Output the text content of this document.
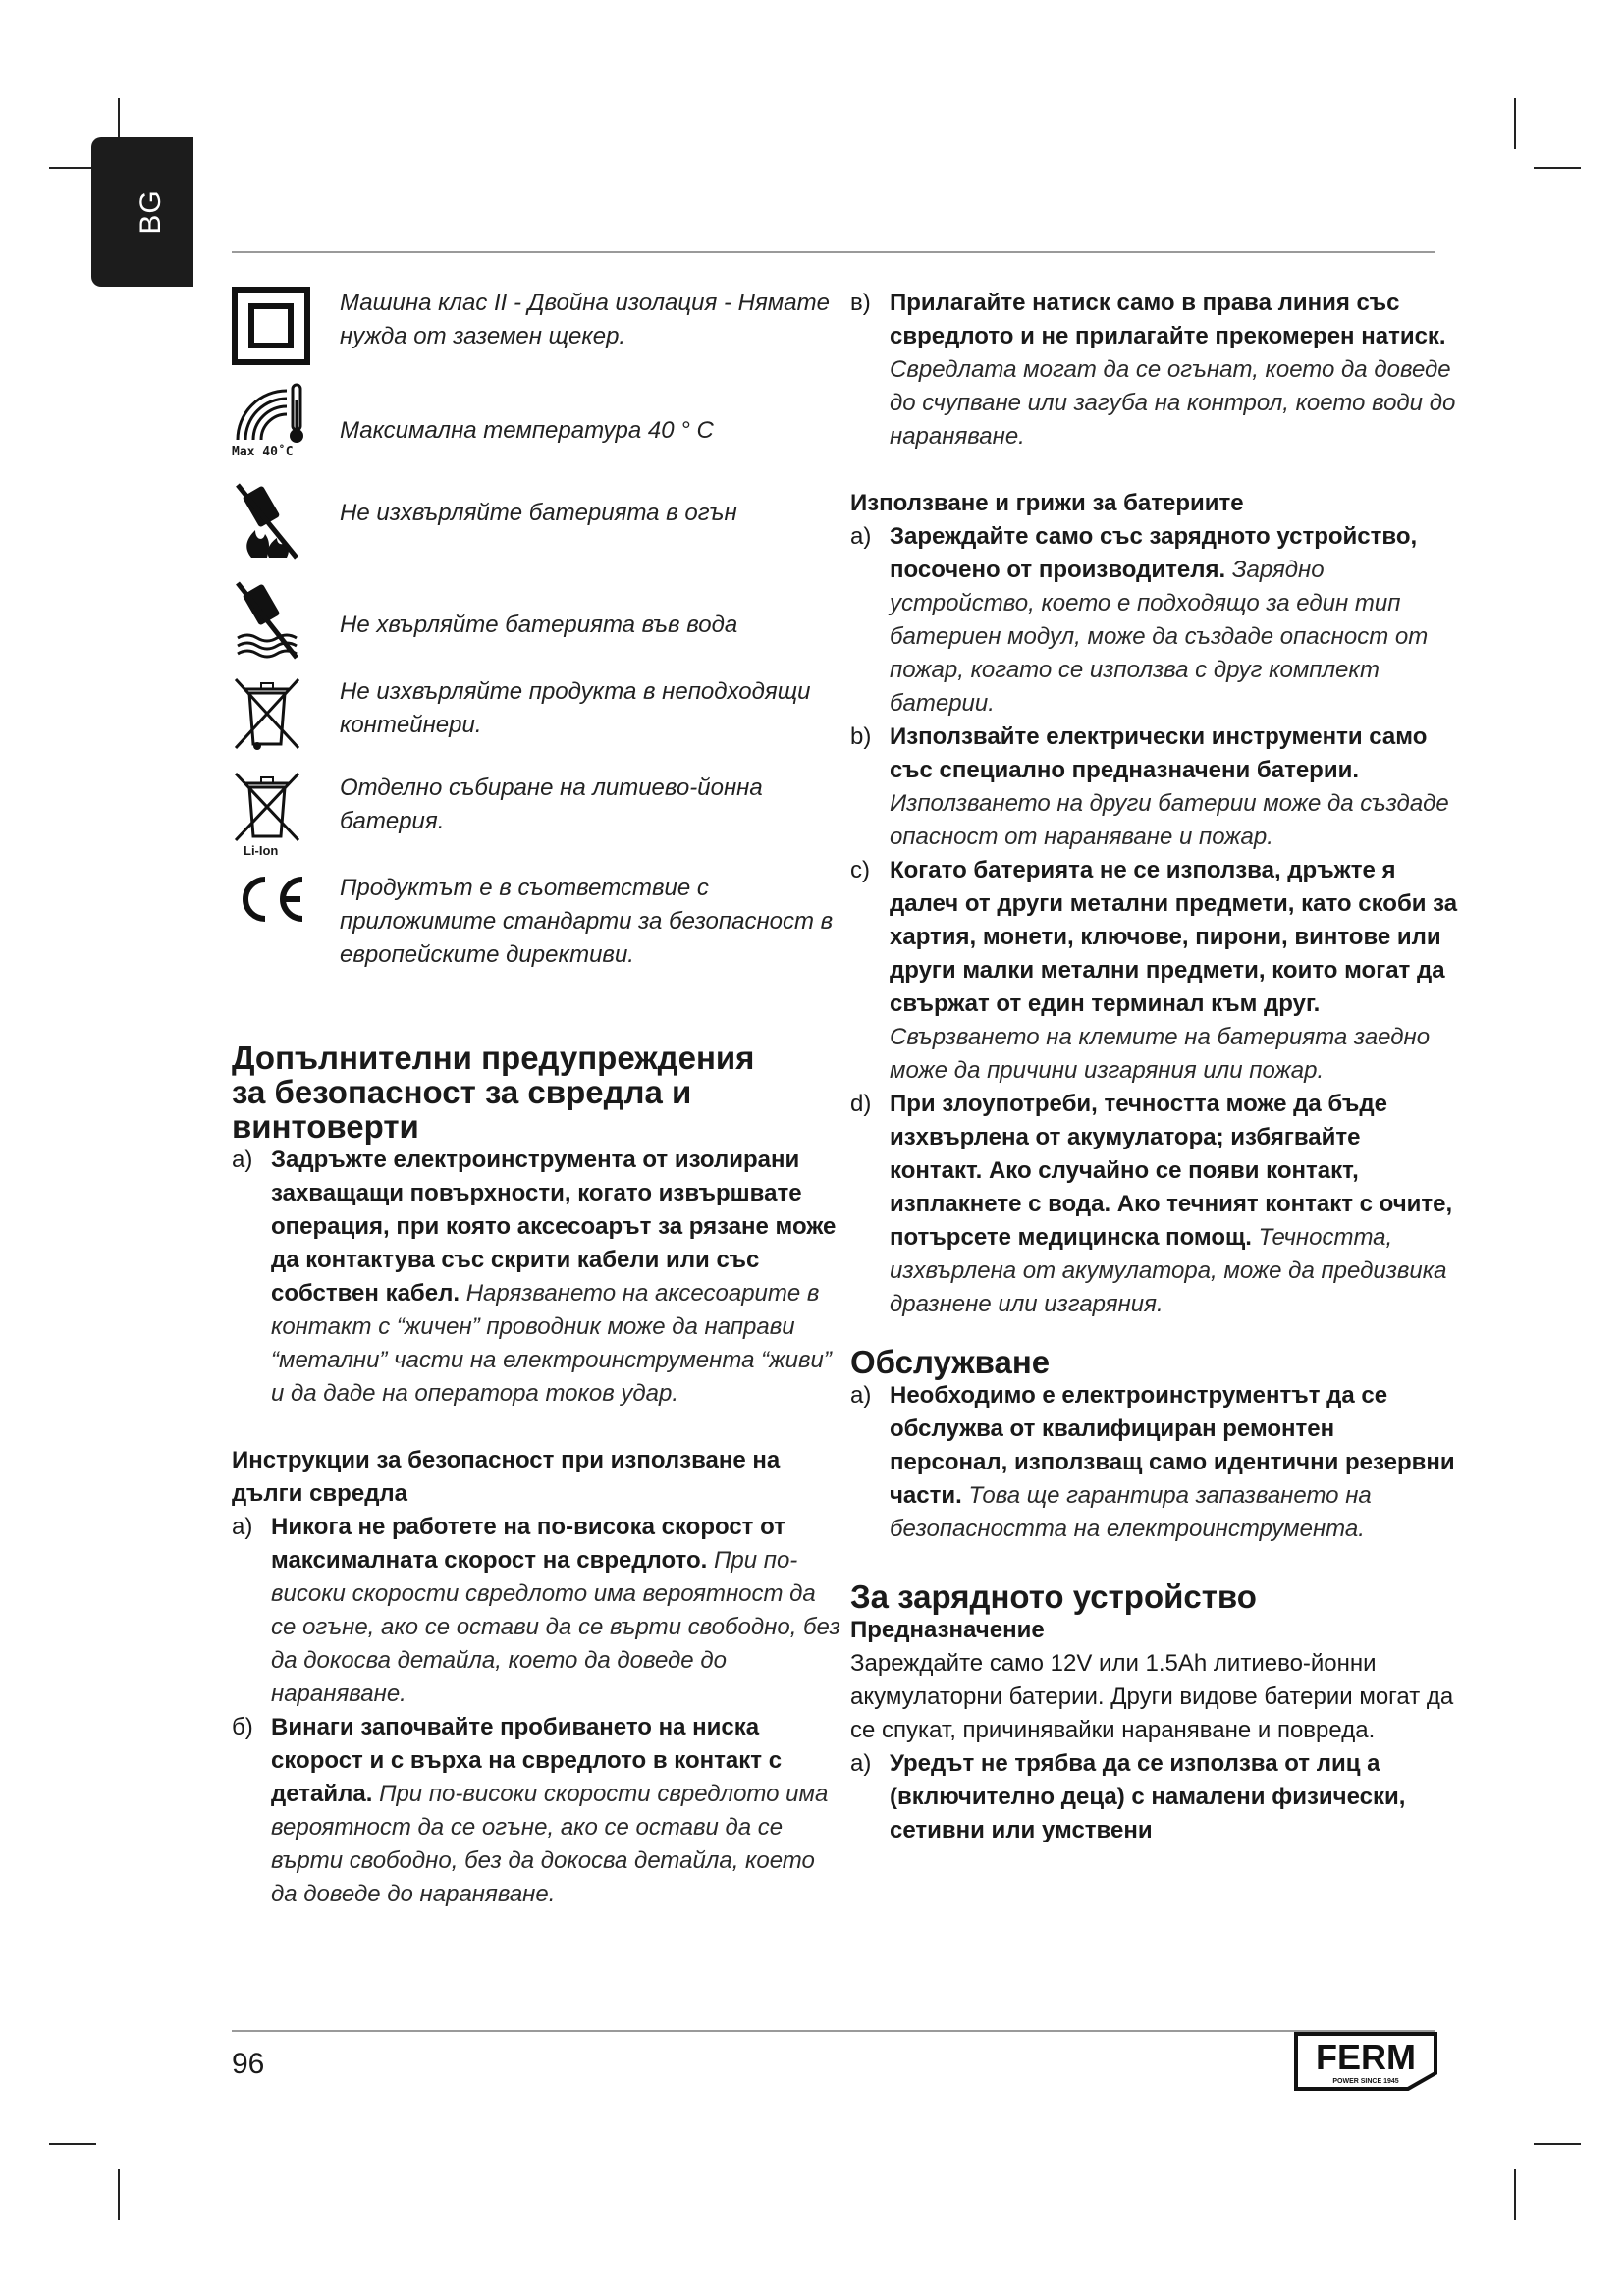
BG
Машина клас II - Двойна изолация - Нямате нужда от заземен щекер.
Max 40˚C
Максимална температура 40 ° C
Не изхвърляйте батерията в огън
Не хвърляйте батерията във вода
Не изхвърляйте продукта в неподходящи контейнери.
Li-Ion
Отделно събиране на литиево-йонна батерия.
Продуктът е в съответствие с приложимите стандарти за безопасност в европейските директиви.
Допълнителни предупреждения за безопасност за свредла и винтоверти
а) Задръжте електроинструмента от изолирани захващащи повърхности, когато извършвате операция, при която аксесоарът за рязане може да контактува със скрити кабели или със собствен кабел. Нарязването на аксесоарите в контакт с “жичен” проводник може да направи “метални” части на електроинструмента “живи” и да даде на оператора токов удар.
Инструкции за безопасност при използване на дълги свредла
а) Никога не работете на по-висока скорост от максималната скорост на свредлото. При по-високи скорости свредлото има вероятност да се огъне, ако се остави да се върти свободно, без да докосва детайла, което да доведе до нараняване.
б) Винаги започвайте пробиването на ниска скорост и с върха на свредлото в контакт с детайла. При по-високи скорости свредлото има вероятност да се огъне, ако се остави да се върти свободно, без да докосва детайла, което да доведе до нараняване.
в) Прилагайте натиск само в права линия със свредлото и не прилагайте прекомерен натиск. Свредлата могат да се огънат, което да доведе до счупване или загуба на контрол, което води до нараняване.
Използване и грижи за батериите
a) Зареждайте само със зарядното устройство, посочено от производителя. Зарядно устройство, което е подходящо за един тип батериен модул, може да създаде опасност от пожар, когато се използва с друг комплект батерии.
b) Използвайте електрически инструменти само със специално предназначени батерии. Използването на други батерии може да създаде опасност от нараняване и пожар.
c) Когато батерията не се използва, дръжте я далеч от други метални предмети, като скоби за хартия, монети, ключове, пирони, винтове или други малки метални предмети, които могат да свържат от един терминал към друг. Свързването на клемите на батерията заедно може да причини изгаряния или пожар.
d) При злоупотреби, течността може да бъде изхвърлена от акумулатора; избягвайте контакт. Ако случайно се появи контакт, изплакнете с вода. Ако течният контакт с очите, потърсете медицинска помощ. Течността, изхвърлена от акумулатора, може да предизвика дразнене или изгаряния.
Обслужване
a) Необходимо е електроинструментът да се обслужва от квалифициран ремонтен персонал, използващ само идентични резервни части. Това ще гарантира запазването на безопасността на електроинструмента.
За зарядното устройство
Предназначение
Зареждайте само 12V или 1.5Ah литиево-йонни акумулаторни батерии. Други видове батерии могат да се спукат, причинявайки нараняване и повреда.
a) Уредът не трябва да се използва от лиц а (включително деца) с намалени физически, сетивни или умствени
96	FERM
POWER SINCE 1945
